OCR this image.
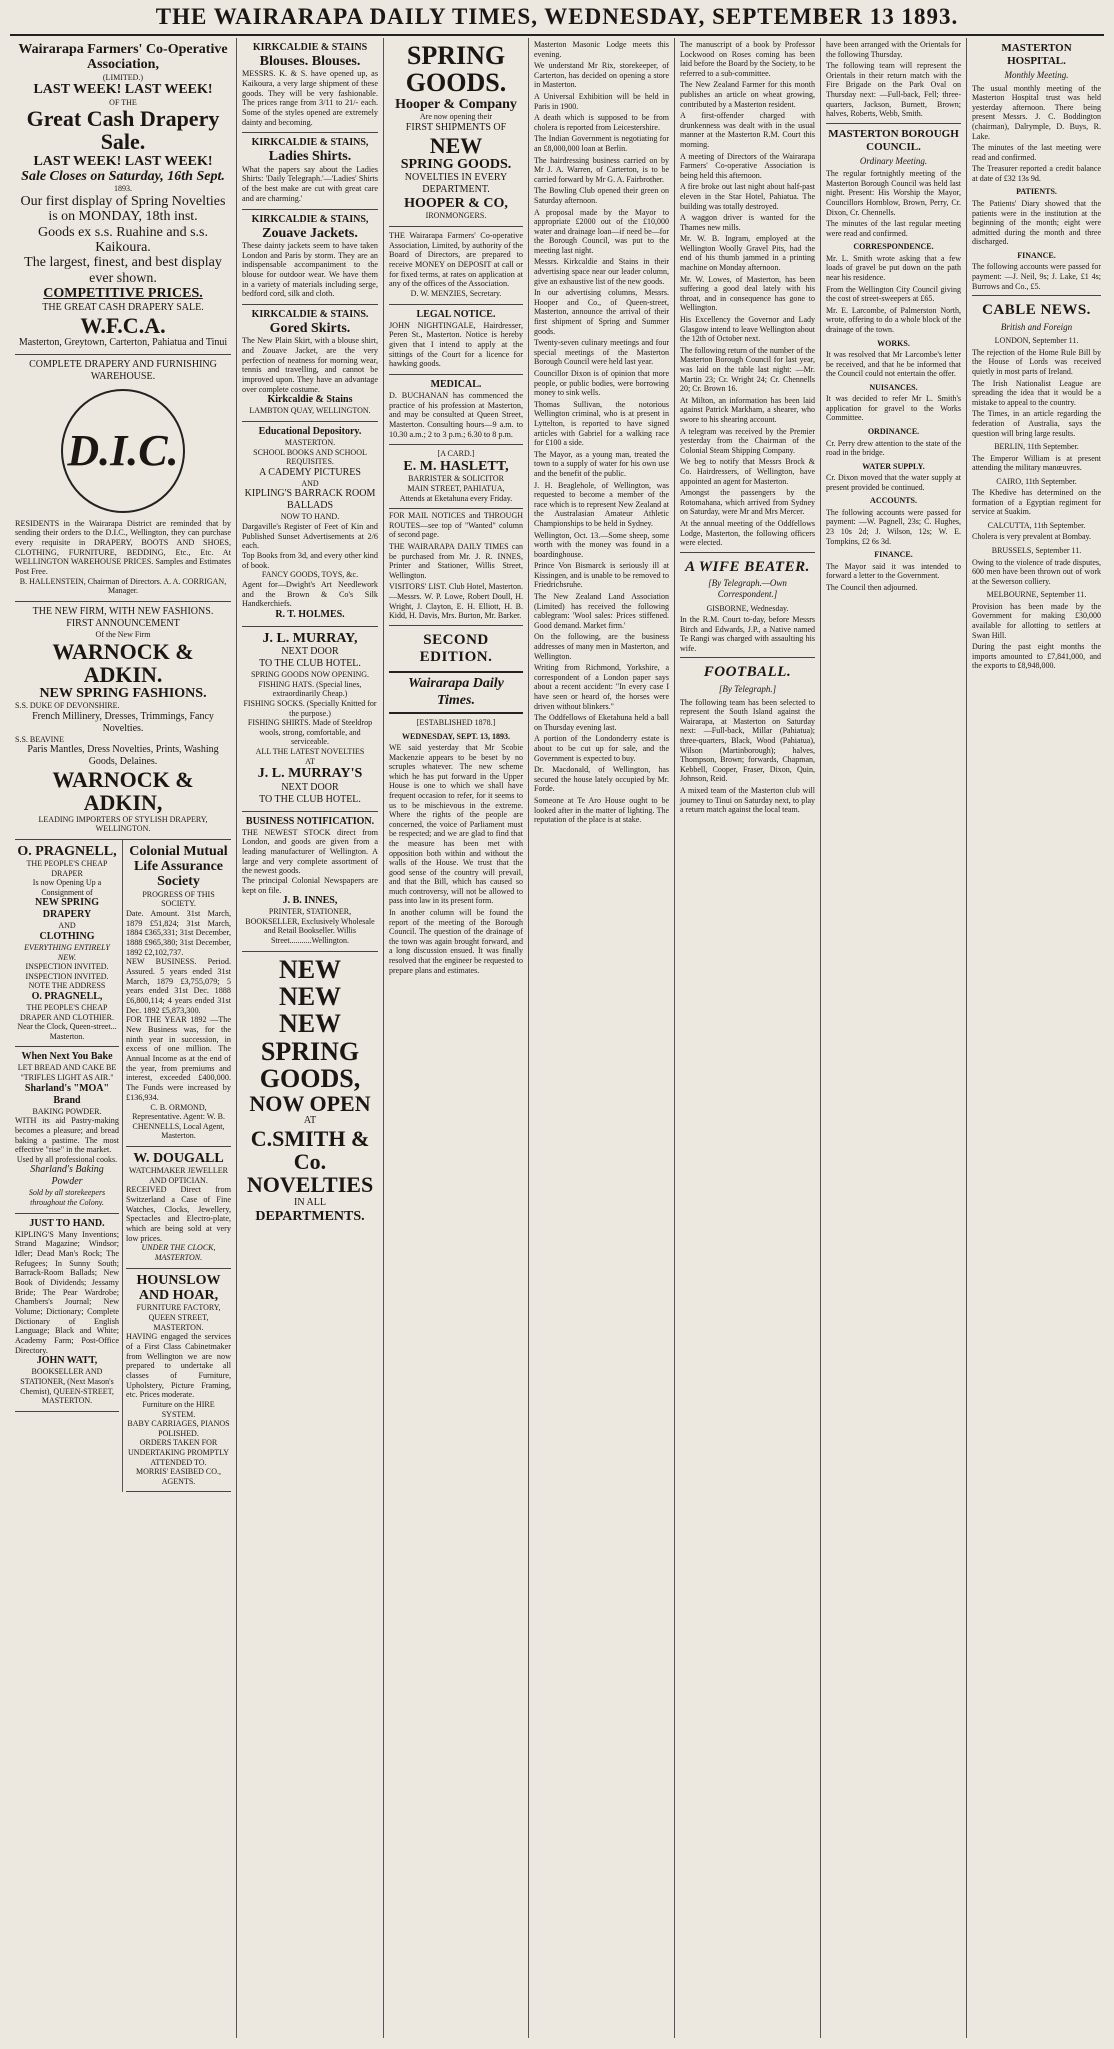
THE WAIRARAPA DAILY TIMES, WEDNESDAY, SEPTEMBER 13 1893.
Wairarapa Farmers' Co-Operative Association,
(LIMITED.)
LAST WEEK! LAST WEEK!
OF THE
Great Cash Drapery Sale.
LAST WEEK! LAST WEEK!
Sale Closes on Saturday, 16th Sept.
1893.
Our first display of Spring Novelties is on MONDAY, 18th inst.
Goods ex s.s. Ruahine and s.s. Kaikoura.
The largest, finest, and best display ever shown.
COMPETITIVE PRICES.
THE GREAT CASH DRAPERY SALE.
W.F.C.A.
Masterton, Greytown, Carterton, Pahiatua and Tinui
COMPLETE DRAPERY AND FURNISHING WAREHOUSE.
D.I.C.
RESIDENTS in the Wairarapa District are reminded that by sending their orders to the D.I.C., Wellington, they can purchase every requisite in DRAPERY, BOOTS AND SHOES, CLOTHING, FURNITURE, BEDDING, Etc., Etc. At WELLINGTON WAREHOUSE PRICES. Samples and Estimates Post Free.
B. HALLENSTEIN, Chairman of Directors. A. A. CORRIGAN, Manager.
THE NEW FIRM, WITH NEW FASHIONS.
FIRST ANNOUNCEMENT
Of the New Firm
WARNOCK & ADKIN.
NEW SPRING FASHIONS.
S.S. DUKE OF DEVONSHIRE.
French Millinery, Dresses, Trimmings, Fancy Novelties.
S.S. BEAVINE
Paris Mantles, Dress Novelties, Prints, Washing Goods, Delaines.
WARNOCK & ADKIN,
LEADING IMPORTERS OF STYLISH DRAPERY, WELLINGTON.
O. PRAGNELL,
THE PEOPLE'S CHEAP DRAPER
Is now Opening Up a Consignment of
NEW SPRING DRAPERY
AND
CLOTHING
EVERYTHING ENTIRELY NEW.
INSPECTION INVITED. INSPECTION INVITED.
NOTE THE ADDRESS
O. PRAGNELL,
THE PEOPLE'S CHEAP DRAPER AND CLOTHIER.
Near the Clock, Queen-street... Masterton.
When Next You Bake
LET BREAD AND CAKE BE "TRIFLES LIGHT AS AIR."
Sharland's "MOA" Brand
BAKING POWDER.
WITH its aid Pastry-making becomes a pleasure; and bread baking a pastime. The most effective "rise" in the market.
Used by all professional cooks.
Sharland's Baking Powder
Sold by all storekeepers throughout the Colony.
JUST TO HAND.
KIPLING'S Many Inventions; Strand Magazine; Windsor; Idler; Dead Man's Rock; The Refugees; In Sunny South; Barrack-Room Ballads; New Book of Dividends; Jessamy Bride; The Pear Wardrobe; Chambers's Journal; New Volume; Dictionary; Complete Dictionary of English Language; Black and White; Academy Farm; Post-Office Directory.
JOHN WATT,
BOOKSELLER AND STATIONER, (Next Mason's Chemist), QUEEN-STREET, MASTERTON.
Colonial Mutual Life Assurance Society
PROGRESS OF THIS SOCIETY.
Date. Amount. 31st March, 1879 £51,824; 31st March, 1884 £365,331; 31st December, 1888 £965,380; 31st December, 1892 £2,102,737.
NEW BUSINESS. Period. Assured. 5 years ended 31st March, 1879 £3,755,079; 5 years ended 31st Dec. 1888 £6,800,114; 4 years ended 31st Dec. 1892 £5,873,300.
FOR THE YEAR 1892 —The New Business was, for the ninth year in succession, in excess of one million. The Annual Income as at the end of the year, from premiums and interest, exceeded £400,000. The Funds were increased by £136,934.
C. B. ORMOND, Representative. Agent: W. B. CHENNELLS, Local Agent, Masterton.
W. DOUGALL
WATCHMAKER JEWELLER AND OPTICIAN.
RECEIVED Direct from Switzerland a Case of Fine Watches, Clocks, Jewellery, Spectacles and Electro-plate, which are being sold at very low prices.
UNDER THE CLOCK, MASTERTON.
HOUNSLOW AND HOAR,
FURNITURE FACTORY, QUEEN STREET, MASTERTON.
HAVING engaged the services of a First Class Cabinetmaker from Wellington we are now prepared to undertake all classes of Furniture, Upholstery, Picture Framing, etc. Prices moderate.
Furniture on the HIRE SYSTEM.
BABY CARRIAGES, PIANOS POLISHED.
ORDERS TAKEN FOR UNDERTAKING PROMPTLY ATTENDED TO.
MORRIS' EASIBED CO., AGENTS.
KIRKCALDIE & STAINS
Blouses. Blouses.
MESSRS. K. & S. have opened up, as Kaikoura, a very large shipment of these goods. They will be very fashionable. The prices range from 3/11 to 21/- each. Some of the styles opened are extremely dainty and becoming.
KIRKCALDIE & STAINS,
Ladies Shirts.
What the papers say about the Ladies Shirts: 'Daily Telegraph.'—'Ladies' Shirts of the best make are cut with great care and are charming.'
KIRKCALDIE & STAINS,
Zouave Jackets.
These dainty jackets seem to have taken London and Paris by storm. They are an indispensable accompaniment to the blouse for outdoor wear. We have them in a variety of materials including serge, bedford cord, silk and cloth.
KIRKCALDIE & STAINS.
Gored Skirts.
The New Plain Skirt, with a blouse shirt, and Zouave Jacket, are the very perfection of neatness for morning wear, tennis and travelling, and cannot be improved upon. They have an advantage over complete costume.
Kirkcaldie & Stains
LAMBTON QUAY, WELLINGTON.
Educational Depository.
MASTERTON.
SCHOOL BOOKS AND SCHOOL REQUISITES.
A CADEMY PICTURES
AND
KIPLING'S BARRACK ROOM BALLADS
NOW TO HAND.
Dargaville's Register of Feet of Kin and Published Sunset Advertisements at 2/6 each.
Top Books from 3d, and every other kind of book.
FANCY GOODS, TOYS, &c.
Agent for—Dwight's Art Needlework and the Brown & Co's Silk Handkerchiefs.
R. T. HOLMES.
J. L. MURRAY,
NEXT DOOR
TO THE CLUB HOTEL.
SPRING GOODS NOW OPENING.
FISHING HATS. (Special lines, extraordinarily Cheap.)
FISHING SOCKS. (Specially Knitted for the purpose.)
FISHING SHIRTS. Made of Steeldrop wools, strong, comfortable, and serviceable.
ALL THE LATEST NOVELTIES
AT
J. L. MURRAY'S
NEXT DOOR
TO THE CLUB HOTEL.
BUSINESS NOTIFICATION.
THE NEWEST STOCK direct from London, and goods are given from a leading manufacturer of Wellington. A large and very complete assortment of the newest goods.
The principal Colonial Newspapers are kept on file.
J. B. INNES,
PRINTER, STATIONER, BOOKSELLER, Exclusively Wholesale and Retail Bookseller. Willis Street...........Wellington.
NEW
NEW
NEW
SPRING
GOODS,
NOW OPEN
AT
C.SMITH & Co.
NOVELTIES
IN ALL
DEPARTMENTS.
SPRING
GOODS.
Hooper & Company
Are now opening their
FIRST SHIPMENTS OF
NEW
SPRING GOODS.
NOVELTIES IN EVERY DEPARTMENT.
HOOPER & CO,
IRONMONGERS.
THE Wairarapa Farmers' Co-operative Association, Limited, by authority of the Board of Directors, are prepared to receive MONEY on DEPOSIT at call or for fixed terms, at rates on application at any of the offices of the Association.
D. W. MENZIES, Secretary.
LEGAL NOTICE.
JOHN NIGHTINGALE, Hairdresser, Peren St., Masterton. Notice is hereby given that I intend to apply at the sittings of the Court for a licence for hawking goods.
MEDICAL.
D. BUCHANAN has commenced the practice of his profession at Masterton, and may be consulted at Queen Street, Masterton. Consulting hours—9 a.m. to 10.30 a.m.; 2 to 3 p.m.; 6.30 to 8 p.m.
[A CARD.]
E. M. HASLETT,
BARRISTER & SOLICITOR
MAIN STREET, PAHIATUA,
Attends at Eketahuna every Friday.
FOR MAIL NOTICES and THROUGH ROUTES—see top of "Wanted" column of second page.
THE WAIRARAPA DAILY TIMES can be purchased from Mr. J. R. INNES, Printer and Stationer, Willis Street, Wellington.
VISITORS' LIST. Club Hotel, Masterton.—Messrs. W. P. Lowe, Robert Doull, H. Wright, J. Clayton, E. H. Elliott, H. B. Kidd, H. Davis, Mrs. Burton, Mr. Barker.
SECOND EDITION.
Wairarapa Daily Times.
[ESTABLISHED 1878.]
WEDNESDAY, SEPT. 13, 1893.
WE said yesterday that Mr Scobie Mackenzie appears to be beset by no scruples whatever. The new scheme which he has put forward in the Upper House is one to which we shall have frequent occasion to refer, for it seems to us to be mischievous in the extreme. Where the rights of the people are concerned, the voice of Parliament must be respected; and we are glad to find that the measure has been met with opposition both within and without the walls of the House. We trust that the good sense of the country will prevail, and that the Bill, which has caused so much controversy, will not be allowed to pass into law in its present form.
In another column will be found the report of the meeting of the Borough Council. The question of the drainage of the town was again brought forward, and a long discussion ensued. It was finally resolved that the engineer be requested to prepare plans and estimates.
Masterton Masonic Lodge meets this evening.
We understand Mr Rix, storekeeper, of Carterton, has decided on opening a store in Masterton.
A Universal Exhibition will be held in Paris in 1900.
A death which is supposed to be from cholera is reported from Leicestershire.
The Indian Government is negotiating for an £8,000,000 loan at Berlin.
The hairdressing business carried on by Mr J. A. Warren, of Carterton, is to be carried forward by Mr G. A. Fairbrother.
The Bowling Club opened their green on Saturday afternoon.
A proposal made by the Mayor to appropriate £2000 out of the £10,000 water and drainage loan—if need be—for the Borough Council, was put to the meeting last night.
Messrs. Kirkcaldie and Stains in their advertising space near our leader column, give an exhaustive list of the new goods.
In our advertising columns, Messrs. Hooper and Co., of Queen-street, Masterton, announce the arrival of their first shipment of Spring and Summer goods.
Twenty-seven culinary meetings and four special meetings of the Masterton Borough Council were held last year.
Councillor Dixon is of opinion that more people, or public bodies, were borrowing money to sink wells.
Thomas Sullivan, the notorious Wellington criminal, who is at present in Lyttelton, is reported to have signed articles with Gabriel for a walking race for £100 a side.
The Mayor, as a young man, treated the town to a supply of water for his own use and the benefit of the public.
J. H. Beaglehole, of Wellington, was requested to become a member of the race which is to represent New Zealand at the Australasian Amateur Athletic Championships to be held in Sydney.
Wellington, Oct. 13.—Some sheep, some worth with the money was found in a boardinghouse.
Prince Von Bismarck is seriously ill at Kissingen, and is unable to be removed to Friedrichsruhe.
The New Zealand Land Association (Limited) has received the following cablegram: 'Wool sales: Prices stiffened. Good demand. Market firm.'
On the following, are the business addresses of many men in Masterton, and Wellington.
Writing from Richmond, Yorkshire, a correspondent of a London paper says about a recent accident: "In every case I have seen or heard of, the horses were driven without blinkers."
The Oddfellows of Eketahuna held a ball on Thursday evening last.
A portion of the Londonderry estate is about to be cut up for sale, and the Government is expected to buy.
Dr. Macdonald, of Wellington, has secured the house lately occupied by Mr. Forde.
Someone at Te Aro House ought to be looked after in the matter of lighting. The reputation of the place is at stake.
The manuscript of a book by Professor Lockwood on Roses coming has been laid before the Board by the Society, to be referred to a sub-committee.
The New Zealand Farmer for this month publishes an article on wheat growing, contributed by a Masterton resident.
A first-offender charged with drunkenness was dealt with in the usual manner at the Masterton R.M. Court this morning.
A meeting of Directors of the Wairarapa Farmers' Co-operative Association is being held this afternoon.
A fire broke out last night about half-past eleven in the Star Hotel, Pahiatua. The building was totally destroyed.
A waggon driver is wanted for the Thames new mills.
Mr. W. B. Ingram, employed at the Wellington Woolly Gravel Pits, had the end of his thumb jammed in a printing machine on Monday afternoon.
Mr. W. Lowes, of Masterton, has been suffering a good deal lately with his throat, and in consequence has gone to Wellington.
His Excellency the Governor and Lady Glasgow intend to leave Wellington about the 12th of October next.
The following return of the number of the Masterton Borough Council for last year, was laid on the table last night: —Mr. Martin 23; Cr. Wright 24; Cr. Chennells 20; Cr. Brown 16.
At Milton, an information has been laid against Patrick Markham, a shearer, who swore to his shearing account.
A telegram was received by the Premier yesterday from the Chairman of the Colonial Steam Shipping Company.
We beg to notify that Messrs Brock & Co. Hairdressers, of Wellington, have appointed an agent for Masterton.
Amongst the passengers by the Rotomahana, which arrived from Sydney on Saturday, were Mr and Mrs Mercer.
At the annual meeting of the Oddfellows Lodge, Masterton, the following officers were elected.
A WIFE BEATER.
[By Telegraph.—Own Correspondent.]
GISBORNE, Wednesday.
In the R.M. Court to-day, before Messrs Birch and Edwards, J.P., a Native named Te Rangi was charged with assaulting his wife.
FOOTBALL.
[By Telegraph.]
The following team has been selected to represent the South Island against the Wairarapa, at Masterton on Saturday next: —Full-back, Millar (Pahiatua); three-quarters, Black, Wood (Pahiatua), Wilson (Martinborough); halves, Thompson, Brown; forwards, Chapman, Kebbell, Cooper, Fraser, Dixon, Quin, Johnson, Reid.
A mixed team of the Masterton club will journey to Tinui on Saturday next, to play a return match against the local team.
have been arranged with the Orientals for the following Thursday.
The following team will represent the Orientals in their return match with the Fire Brigade on the Park Oval on Thursday next: —Full-back, Fell; three-quarters, Jackson, Burnett, Brown; halves, Roberts, Webb, Smith.
MASTERTON BOROUGH COUNCIL.
Ordinary Meeting.
The regular fortnightly meeting of the Masterton Borough Council was held last night. Present: His Worship the Mayor, Councillors Hornblow, Brown, Perry, Cr. Dixon, Cr. Chennells.
The minutes of the last regular meeting were read and confirmed.
CORRESPONDENCE.
Mr. L. Smith wrote asking that a few loads of gravel be put down on the path near his residence.
From the Wellington City Council giving the cost of street-sweepers at £65.
Mr. E. Larcombe, of Palmerston North, wrote, offering to do a whole block of the drainage of the town.
WORKS.
It was resolved that Mr Larcombe's letter be received, and that he be informed that the Council could not entertain the offer.
NUISANCES.
It was decided to refer Mr L. Smith's application for gravel to the Works Committee.
ORDINANCE.
Cr. Perry drew attention to the state of the road in the bridge.
WATER SUPPLY.
Cr. Dixon moved that the water supply at present provided be continued.
ACCOUNTS.
The following accounts were passed for payment: —W. Pagnell, 23s; C. Hughes, 23 10s 2d; J. Wilson, 12s; W. E. Tompkins, £2 6s 3d.
FINANCE.
The Mayor said it was intended to forward a letter to the Government.
The Council then adjourned.
MASTERTON HOSPITAL.
Monthly Meeting.
The usual monthly meeting of the Masterton Hospital trust was held yesterday afternoon. There being present Messrs. J. C. Boddington (chairman), Dalrymple, D. Buys, R. Lake.
The minutes of the last meeting were read and confirmed.
The Treasurer reported a credit balance at date of £32 13s 9d.
PATIENTS.
The Patients' Diary showed that the patients were in the institution at the beginning of the month; eight were admitted during the month and three discharged.
FINANCE.
The following accounts were passed for payment: —J. Neil, 9s; J. Lake, £1 4s; Burrows and Co., £5.
CABLE NEWS.
British and Foreign
LONDON, September 11.
The rejection of the Home Rule Bill by the House of Lords was received quietly in most parts of Ireland.
The Irish Nationalist League are spreading the idea that it would be a mistake to appeal to the country.
The Times, in an article regarding the federation of Australia, says the question will bring large results.
BERLIN, 11th September.
The Emperor William is at present attending the military manœuvres.
CAIRO, 11th September.
The Khedive has determined on the formation of a Egyptian regiment for service at Suakim.
CALCUTTA, 11th September.
Cholera is very prevalent at Bombay.
BRUSSELS, September 11.
Owing to the violence of trade disputes, 600 men have been thrown out of work at the Sewerson colliery.
MELBOURNE, September 11.
Provision has been made by the Government for making £30,000 available for allotting to settlers at Swan Hill.
During the past eight months the imports amounted to £7,841,000, and the exports to £8,948,000.
